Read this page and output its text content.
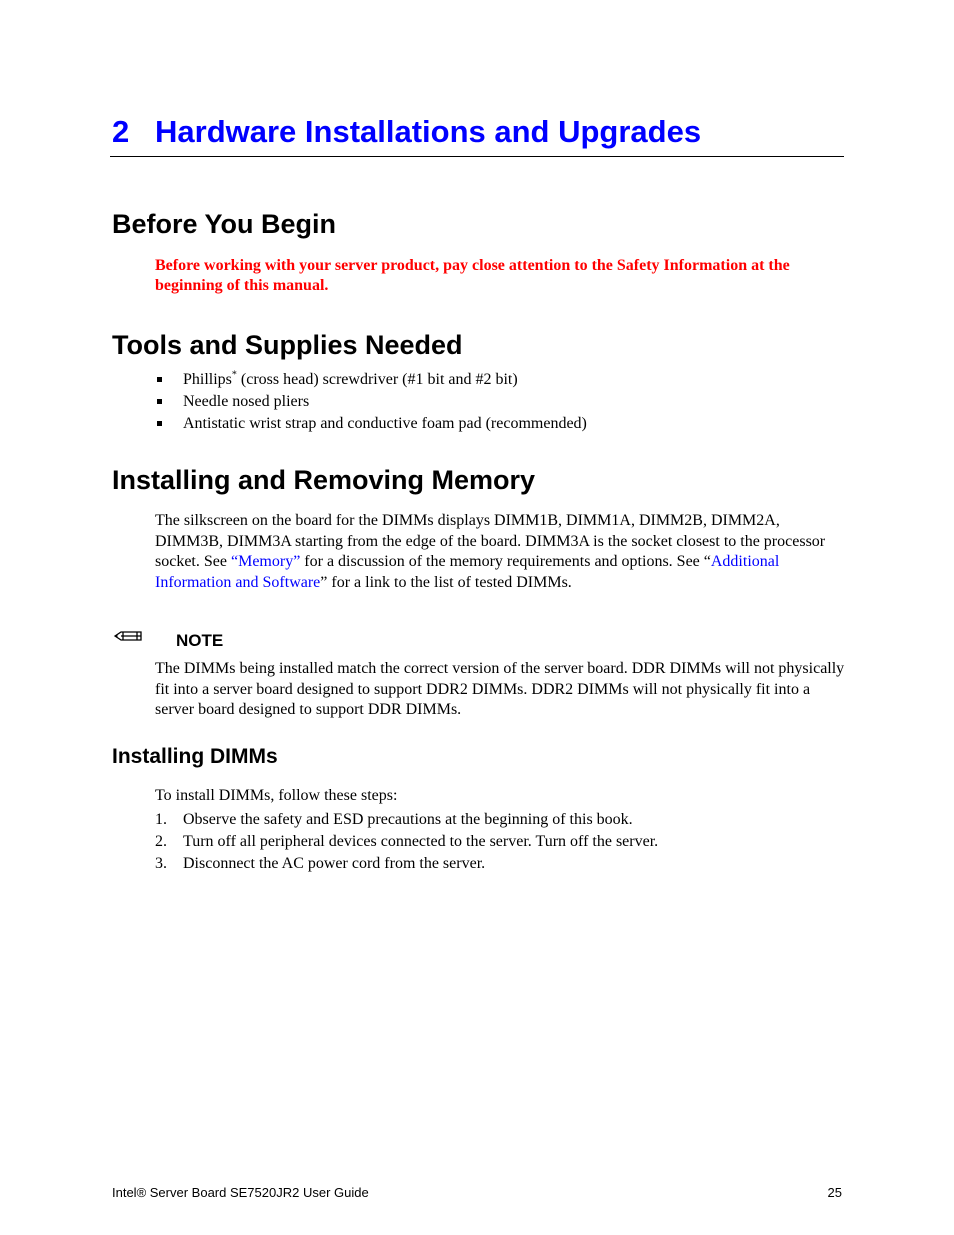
2 Hardware Installations and Upgrades
Before You Begin
Before working with your server product, pay close attention to the Safety Information at the beginning of this manual.
Tools and Supplies Needed
Phillips* (cross head) screwdriver (#1 bit and #2 bit)
Needle nosed pliers
Antistatic wrist strap and conductive foam pad (recommended)
Installing and Removing Memory
The silkscreen on the board for the DIMMs displays DIMM1B, DIMM1A, DIMM2B, DIMM2A, DIMM3B, DIMM3A starting from the edge of the board. DIMM3A is the socket closest to the processor socket. See “Memory” for a discussion of the memory requirements and options. See “Additional Information and Software” for a link to the list of tested DIMMs.
NOTE
The DIMMs being installed match the correct version of the server board. DDR DIMMs will not physically fit into a server board designed to support DDR2 DIMMs. DDR2 DIMMs will not physically fit into a server board designed to support DDR DIMMs.
Installing DIMMs
To install DIMMs, follow these steps:
1. Observe the safety and ESD precautions at the beginning of this book.
2. Turn off all peripheral devices connected to the server. Turn off the server.
3. Disconnect the AC power cord from the server.
Intel® Server Board SE7520JR2 User Guide	25
